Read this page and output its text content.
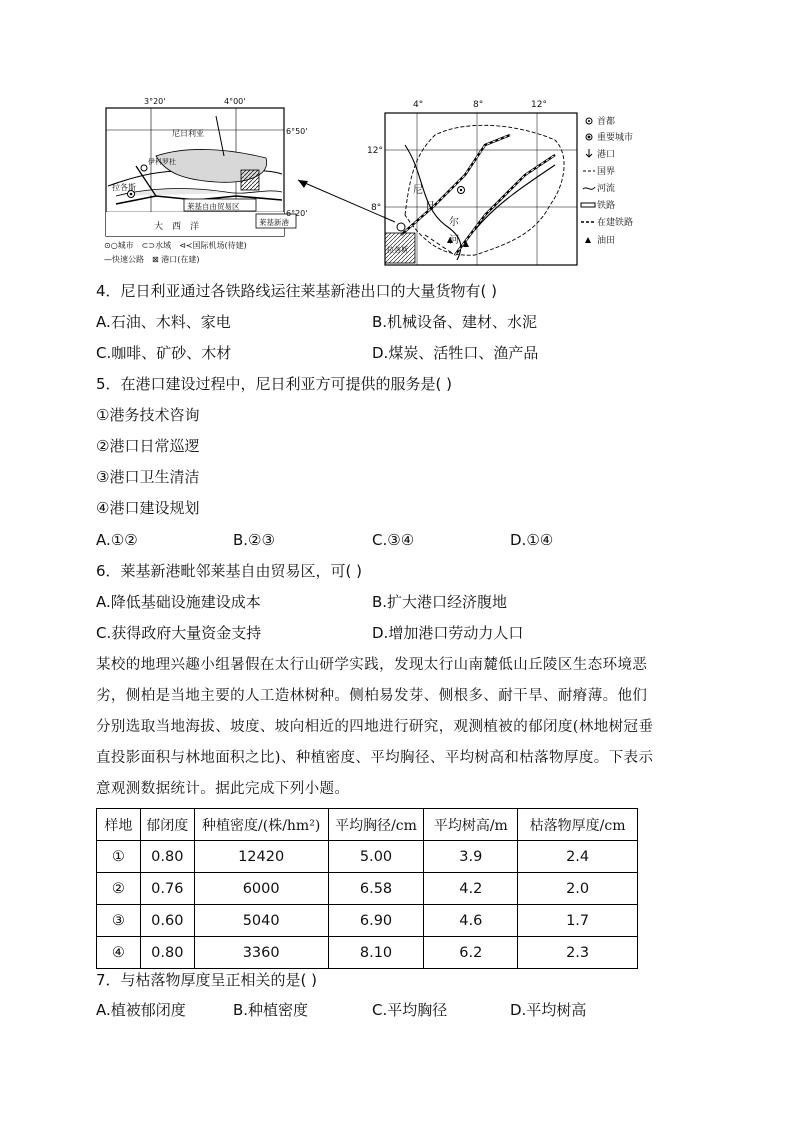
3°20'	4°00'
6°50'
6°20'
尼日利亚
伊科罗杜
拉各斯
莱基自由贸易区
大　西　洋	莱基新港
⊙○城市　⊂⊃水域　⊲≺国际机场(待建)
—快速公路　⊠ 港口(在建)
4°	8°	12°
12°
8°
尼
日
尔
河
拉各斯
首都
重要城市
港口
国界
河流
铁路
在建铁路
油田
4．尼日利亚通过各铁路线运往莱基新港出口的大量货物有( )
A.石油、木料、家电	B.机械设备、建材、水泥
C.咖啡、矿砂、木材	D.煤炭、活牲口、渔产品
5．在港口建设过程中，尼日利亚方可提供的服务是( )
①港务技术咨询
②港口日常巡逻
③港口卫生清洁
④港口建设规划
A.①②	B.②③	C.③④	D.①④
6．莱基新港毗邻莱基自由贸易区，可( )
A.降低基础设施建设成本	B.扩大港口经济腹地
C.获得政府大量资金支持	D.增加港口劳动力人口
某校的地理兴趣小组暑假在太行山研学实践，发现太行山南麓低山丘陵区生态环境恶
劣，侧柏是当地主要的人工造林树种。侧柏易发芽、侧根多、耐干旱、耐瘠薄。他们
分别选取当地海拔、坡度、坡向相近的四地进行研究，观测植被的郁闭度(林地树冠垂
直投影面积与林地面积之比)、种植密度、平均胸径、平均树高和枯落物厚度。下表示
意观测数据统计。据此完成下列小题。
样地	郁闭度	种植密度/(株/hm²)	平均胸径/cm	平均树高/m	枯落物厚度/cm
①	0.80	12420	5.00	3.9	2.4
②	0.76	6000	6.58	4.2	2.0
③	0.60	5040	6.90	4.6	1.7
④	0.80	3360	8.10	6.2	2.3
7．与枯落物厚度呈正相关的是( )
A.植被郁闭度	B.种植密度	C.平均胸径	D.平均树高
